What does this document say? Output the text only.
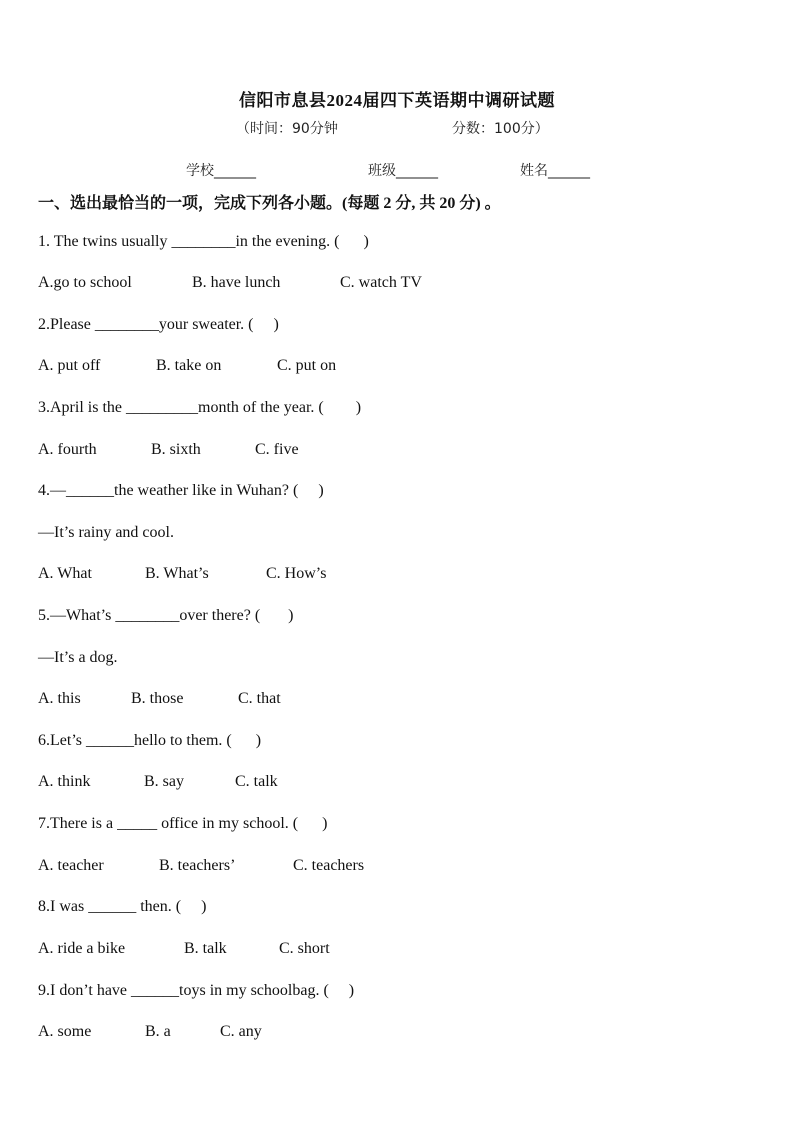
信阳市息县2024届四下英语期中调研试题
（时间：90分钟	分数：100分）
学校______	班级______	姓名______
一、选出最恰当的一项，完成下列各小题。(每题 2 分, 共 20 分) 。
1. The twins usually ________in the evening. (      )
A.go to school	B. have lunch	C. watch TV
2.Please ________your sweater. (     )
A. put off	B. take on	C. put on
3.April is the _________month of the year. (        )
A. fourth	B. sixth	C. five
4.—______the weather like in Wuhan? (     )
—It’s rainy and cool.
A. What	B. What’s	C. How’s
5.—What’s ________over there? (       )
—It’s a dog.
A. this	B. those	C. that
6.Let’s ______hello to them. (      )
A. think	B. say	C. talk
7.There is a _____ office in my school. (      )
A. teacher	B. teachers’	C. teachers
8.I was ______ then. (     )
A. ride a bike	B. talk	C. short
9.I don’t have ______toys in my schoolbag. (     )
A. some	B. a	C. any
